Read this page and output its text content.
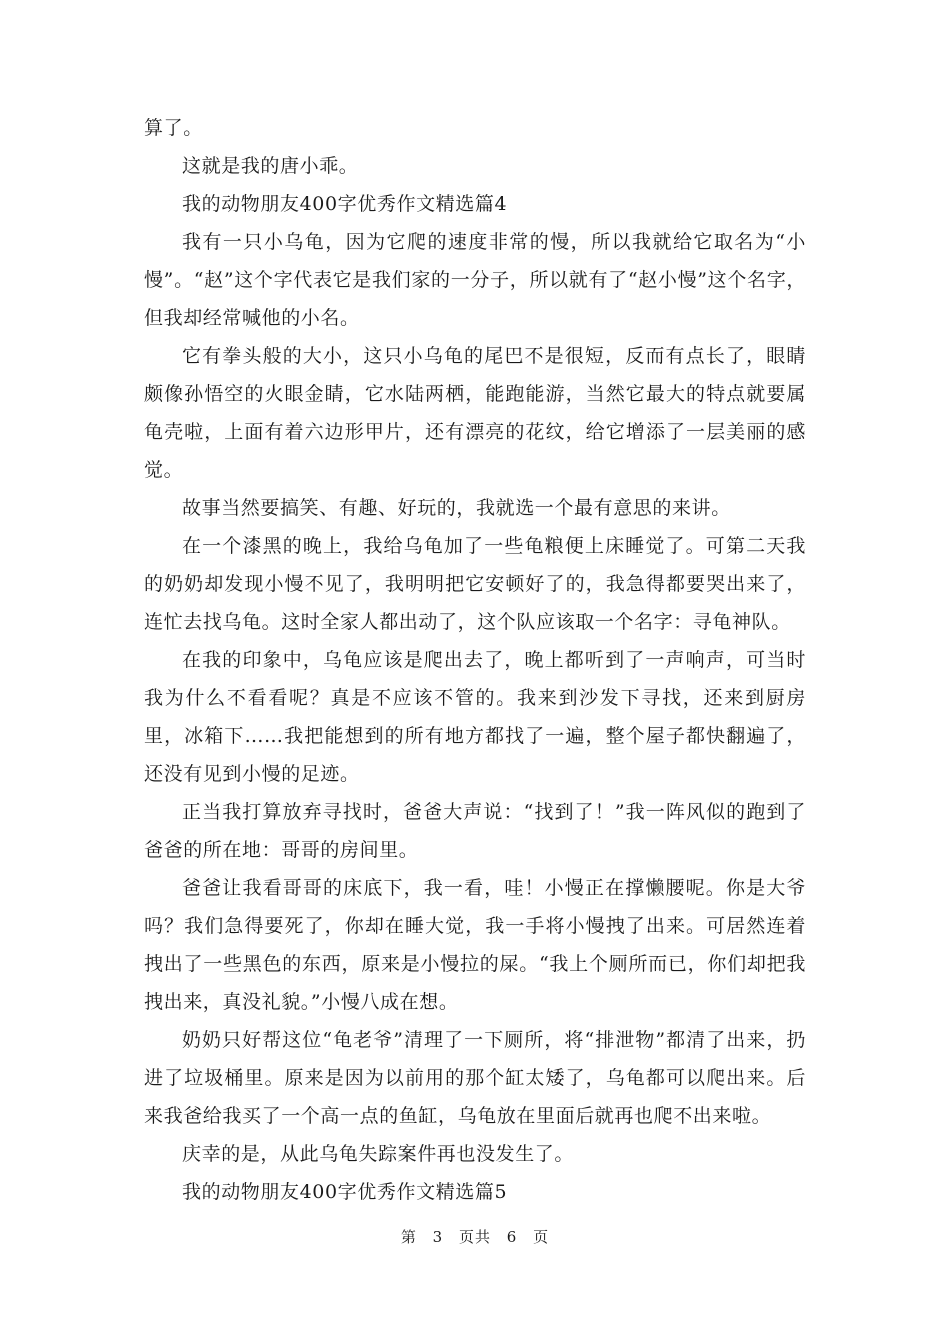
算了。

这就是我的唐小乖。

我的动物朋友400字优秀作文精选篇4

我有一只小乌龟，因为它爬的速度非常的慢，所以我就给它取名为“小慢”。“赵”这个字代表它是我们家的一分子，所以就有了“赵小慢”这个名字，但我却经常喊他的小名。

它有拳头般的大小，这只小乌龟的尾巴不是很短，反而有点长了，眼睛颇像孙悟空的火眼金睛，它水陆两栖，能跑能游，当然它最大的特点就要属龟壳啦，上面有着六边形甲片，还有漂亮的花纹，给它增添了一层美丽的感觉。

故事当然要搞笑、有趣、好玩的，我就选一个最有意思的来讲。

在一个漆黑的晚上，我给乌龟加了一些龟粮便上床睡觉了。可第二天我的奶奶却发现小慢不见了，我明明把它安顿好了的，我急得都要哭出来了，连忙去找乌龟。这时全家人都出动了，这个队应该取一个名字：寻龟神队。

在我的印象中，乌龟应该是爬出去了，晚上都听到了一声响声，可当时我为什么不看看呢？真是不应该不管的。我来到沙发下寻找，还来到厨房里，冰箱下……我把能想到的所有地方都找了一遍，整个屋子都快翻遍了，还没有见到小慢的足迹。

正当我打算放弃寻找时，爸爸大声说：“找到了！”我一阵风似的跑到了爸爸的所在地：哥哥的房间里。

爸爸让我看哥哥的床底下，我一看，哇！小慢正在撑懒腰呢。你是大爷吗？我们急得要死了，你却在睡大觉，我一手将小慢拽了出来。可居然连着拽出了一些黑色的东西，原来是小慢拉的屎。“我上个厕所而已，你们却把我拽出来，真没礼貌。”小慢八成在想。

奶奶只好帮这位“龟老爷”清理了一下厕所，将“排泄物”都清了出来，扔进了垃圾桶里。原来是因为以前用的那个缸太矮了，乌龟都可以爬出来。后来我爸给我买了一个高一点的鱼缸，乌龟放在里面后就再也爬不出来啦。

庆幸的是，从此乌龟失踪案件再也没发生了。

我的动物朋友400字优秀作文精选篇5

第 3 页共 6 页
